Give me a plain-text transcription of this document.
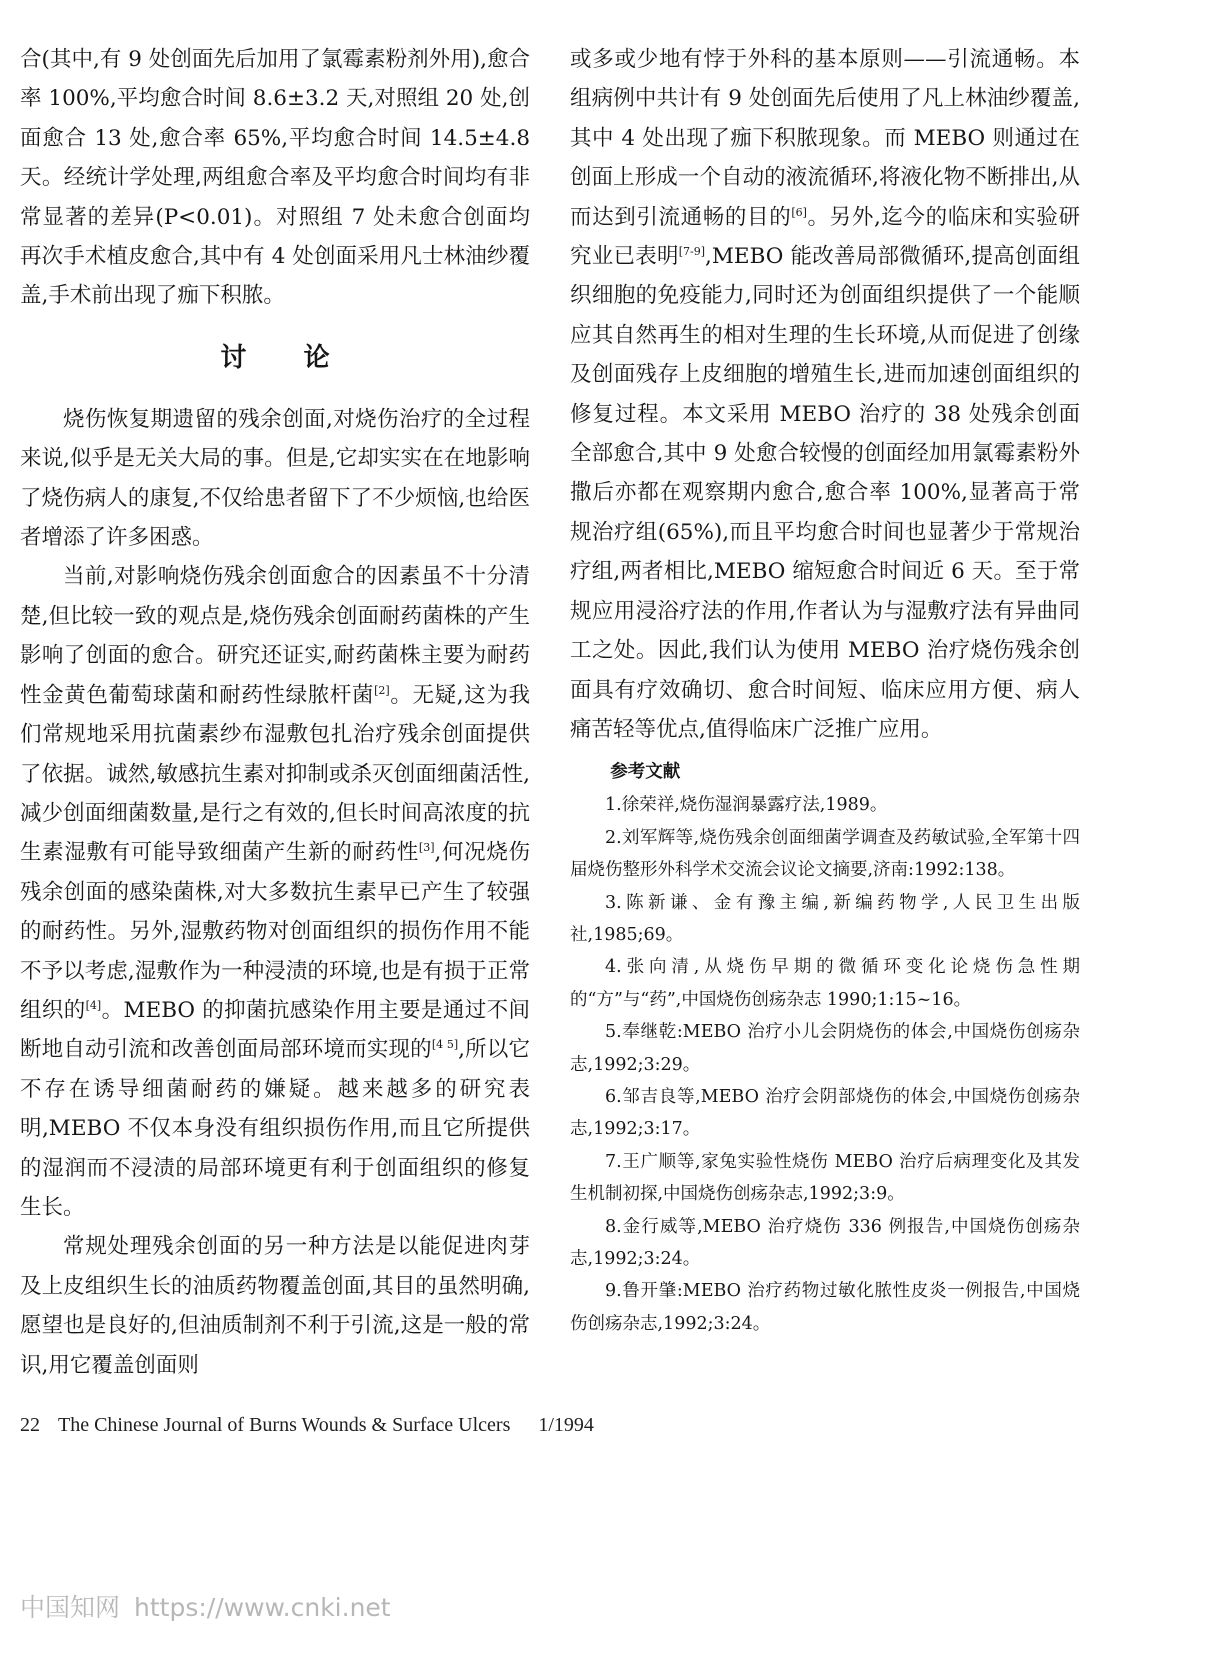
合(其中,有 9 处创面先后加用了氯霉素粉剂外用),愈合率 100%,平均愈合时间 8.6±3.2 天,对照组 20 处,创面愈合 13 处,愈合率 65%,平均愈合时间 14.5±4.8 天。经统计学处理,两组愈合率及平均愈合时间均有非常显著的差异(P<0.01)。对照组 7 处未愈合创面均再次手术植皮愈合,其中有 4 处创面采用凡士林油纱覆盖,手术前出现了痂下积脓。

讨论

烧伤恢复期遗留的残余创面,对烧伤治疗的全过程来说,似乎是无关大局的事。但是,它却实实在在地影响了烧伤病人的康复,不仅给患者留下了不少烦恼,也给医者增添了许多困惑。

当前,对影响烧伤残余创面愈合的因素虽不十分清楚,但比较一致的观点是,烧伤残余创面耐药菌株的产生影响了创面的愈合。研究还证实,耐药菌株主要为耐药性金黄色葡萄球菌和耐药性绿脓杆菌[2]。无疑,这为我们常规地采用抗菌素纱布湿敷包扎治疗残余创面提供了依据。诚然,敏感抗生素对抑制或杀灭创面细菌活性,减少创面细菌数量,是行之有效的,但长时间高浓度的抗生素湿敷有可能导致细菌产生新的耐药性[3],何况烧伤残余创面的感染菌株,对大多数抗生素早已产生了较强的耐药性。另外,湿敷药物对创面组织的损伤作用不能不予以考虑,湿敷作为一种浸渍的环境,也是有损于正常组织的[4]。MEBO 的抑菌抗感染作用主要是通过不间断地自动引流和改善创面局部环境而实现的[4 5],所以它不存在诱导细菌耐药的嫌疑。越来越多的研究表明,MEBO 不仅本身没有组织损伤作用,而且它所提供的湿润而不浸渍的局部环境更有利于创面组织的修复生长。

常规处理残余创面的另一种方法是以能促进肉芽及上皮组织生长的油质药物覆盖创面,其目的虽然明确,愿望也是良好的,但油质制剂不利于引流,这是一般的常识,用它覆盖创面则

或多或少地有悖于外科的基本原则——引流通畅。本组病例中共计有 9 处创面先后使用了凡上林油纱覆盖,其中 4 处出现了痂下积脓现象。而 MEBO 则通过在创面上形成一个自动的液流循环,将液化物不断排出,从而达到引流通畅的目的[6]。另外,迄今的临床和实验研究业已表明[7-9],MEBO 能改善局部微循环,提高创面组织细胞的免疫能力,同时还为创面组织提供了一个能顺应其自然再生的相对生理的生长环境,从而促进了创缘及创面残存上皮细胞的增殖生长,进而加速创面组织的修复过程。本文采用 MEBO 治疗的 38 处残余创面全部愈合,其中 9 处愈合较慢的创面经加用氯霉素粉外撒后亦都在观察期内愈合,愈合率 100%,显著高于常规治疗组(65%),而且平均愈合时间也显著少于常规治疗组,两者相比,MEBO 缩短愈合时间近 6 天。至于常规应用浸浴疗法的作用,作者认为与湿敷疗法有异曲同工之处。因此,我们认为使用 MEBO 治疗烧伤残余创面具有疗效确切、愈合时间短、临床应用方便、病人痛苦轻等优点,值得临床广泛推广应用。

参考文献

1.徐荣祥,烧伤湿润暴露疗法,1989。

2.刘军辉等,烧伤残余创面细菌学调查及药敏试验,全军第十四届烧伤整形外科学术交流会议论文摘要,济南:1992:138。

3.陈新谦、金有豫主编,新编药物学,人民卫生出版社,1985;69。

4.张向清,从烧伤早期的微循环变化论烧伤急性期的“方”与“药”,中国烧伤创疡杂志 1990;1:15~16。

5.奉继乾:MEBO 治疗小儿会阴烧伤的体会,中国烧伤创疡杂志,1992;3:29。

6.邹吉良等,MEBO 治疗会阴部烧伤的体会,中国烧伤创疡杂志,1992;3:17。

7.王广顺等,家兔实验性烧伤 MEBO 治疗后病理变化及其发生机制初探,中国烧伤创疡杂志,1992;3:9。

8.金行威等,MEBO 治疗烧伤 336 例报告,中国烧伤创疡杂志,1992;3:24。

9.鲁开肇:MEBO 治疗药物过敏化脓性皮炎一例报告,中国烧伤创疡杂志,1992;3:24。

22 The Chinese Journal of Burns Wounds & Surface Ulcers 1/1994
中国知网 https://www.cnki.net
